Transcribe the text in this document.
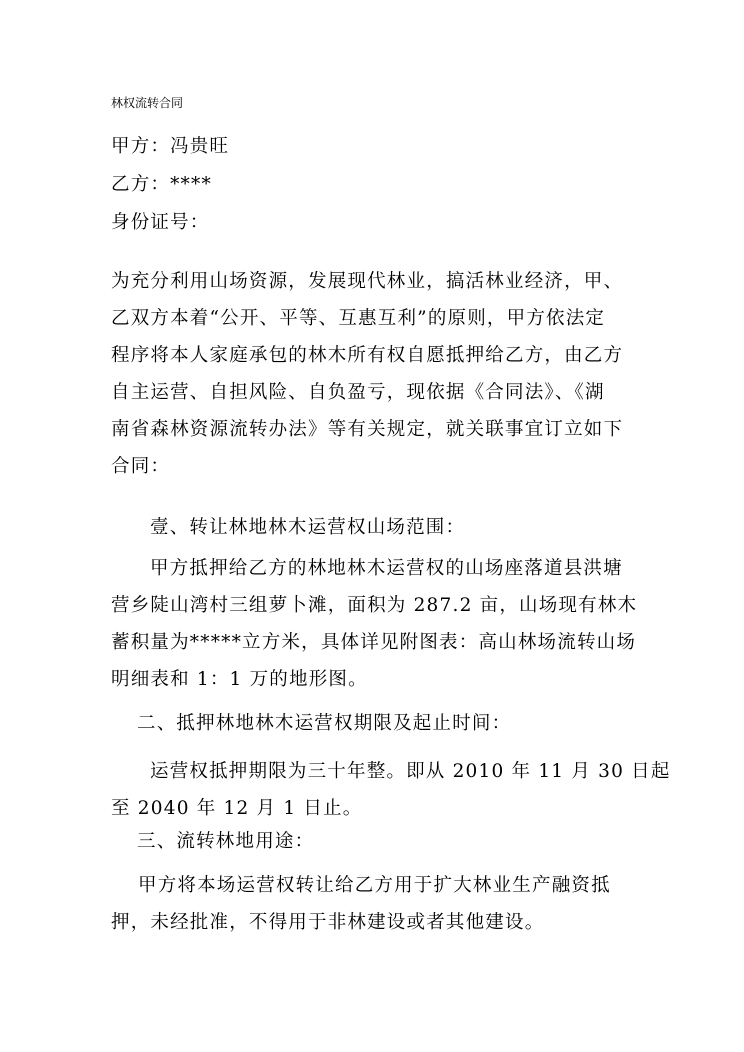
林权流转合同
甲方：冯贵旺
乙方：****
身份证号：
为充分利用山场资源，发展现代林业，搞活林业经济，甲、
乙双方本着“公开、平等、互惠互利”的原则，甲方依法定
程序将本人家庭承包的林木所有权自愿抵押给乙方，由乙方
自主运营、自担风险、自负盈亏，现依据《合同法》、《湖
南省森林资源流转办法》等有关规定，就关联事宜订立如下
合同：
壹、转让林地林木运营权山场范围：
甲方抵押给乙方的林地林木运营权的山场座落道县洪塘
营乡陡山湾村三组萝卜滩，面积为 287.2 亩，山场现有林木
蓄积量为*****立方米，具体详见附图表：高山林场流转山场
明细表和 1：1 万的地形图。
二、抵押林地林木运营权期限及起止时间：
运营权抵押期限为三十年整。即从 2010 年 11 月 30 日起
至 2040 年 12 月 1 日止。
三、流转林地用途：
甲方将本场运营权转让给乙方用于扩大林业生产融资抵
押，未经批准，不得用于非林建设或者其他建设。
